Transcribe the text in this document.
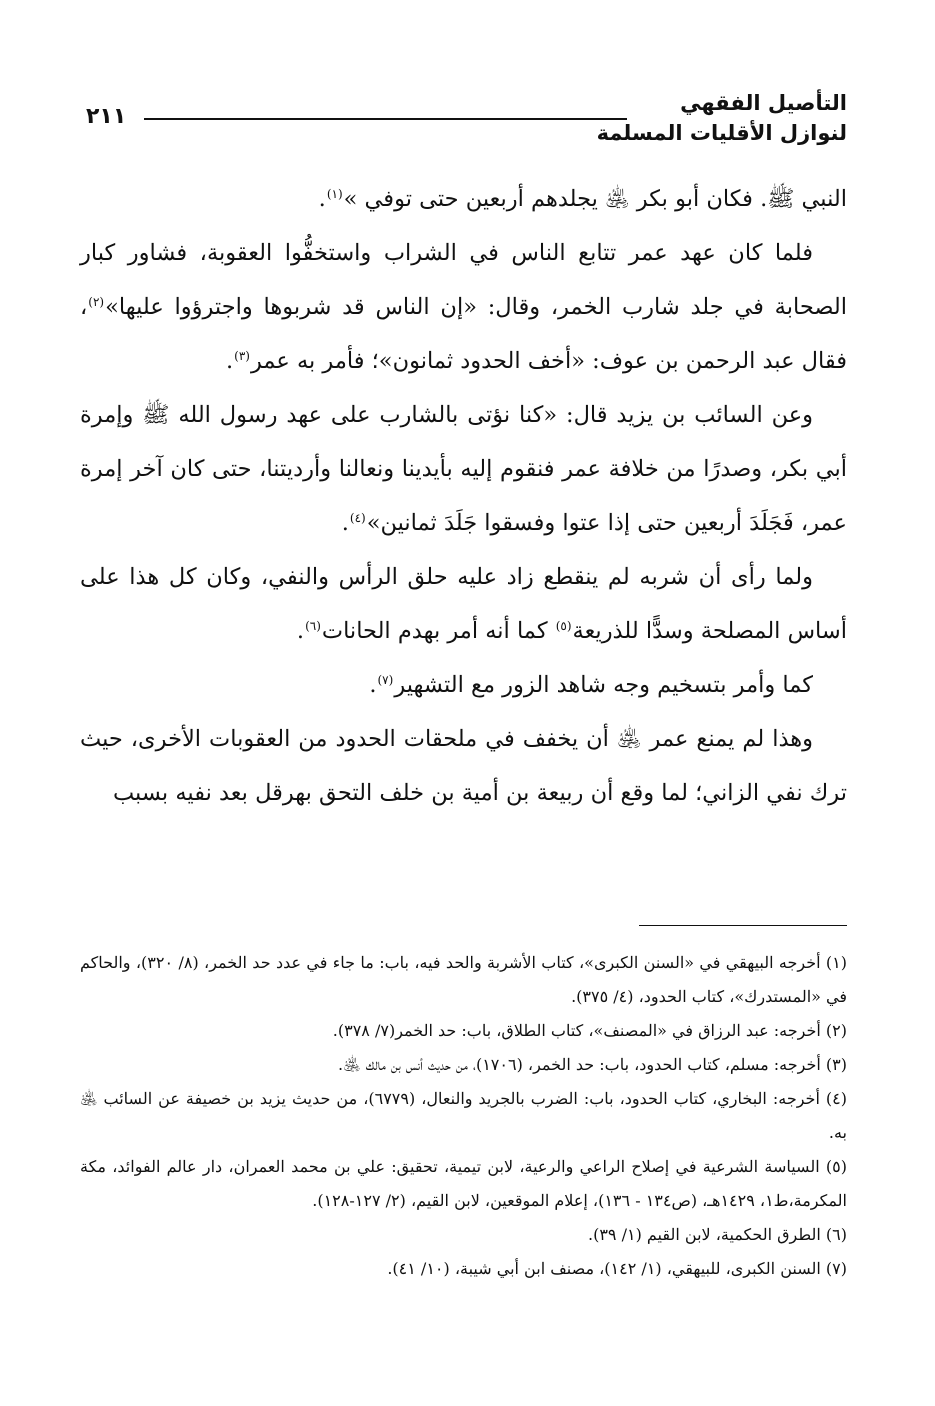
التأصيل الفقهي
لنوازل الأقليات المسلمة
٢١١

النبي ﷺ. فكان أبو بكر ﵁ يجلدهم أربعين حتى توفي »$^{(١)}$.

فلما كان عهد عمر تتابع الناس في الشراب واستخفُّوا العقوبة، فشاور كبار الصحابة في جلد شارب الخمر، وقال: «إن الناس قد شربوها واجترؤوا عليها»$^{(٢)}$، فقال عبد الرحمن بن عوف: «أخف الحدود ثمانون»؛ فأمر به عمر$^{(٣)}$.

وعن السائب بن يزيد قال: «كنا نؤتى بالشارب على عهد رسول الله ﷺ وإمرة أبي بكر، وصدرًا من خلافة عمر فنقوم إليه بأيدينا ونعالنا وأرديتنا، حتى كان آخر إمرة عمر، فَجَلَدَ أربعين حتى إذا عتوا وفسقوا جَلَدَ ثمانين»$^{(٤)}$.

ولما رأى أن شربه لم ينقطع زاد عليه حلق الرأس والنفي، وكان كل هذا على أساس المصلحة وسدًّا للذريعة$^{(٥)}$ كما أنه أمر بهدم الحانات$^{(٦)}$.

كما وأمر بتسخيم وجه شاهد الزور مع التشهير$^{(٧)}$.

وهذا لم يمنع عمر ﵁ أن يخفف في ملحقات الحدود من العقوبات الأخرى، حيث ترك نفي الزاني؛ لما وقع أن ربيعة بن أمية بن خلف التحق بهرقل بعد نفيه بسبب

(١) أخرجه البيهقي في «السنن الكبرى»، كتاب الأشربة والحد فيه، باب: ما جاء في عدد حد الخمر، (٨/ ٣٢٠)، والحاكم في «المستدرك»، كتاب الحدود، (٤/ ٣٧٥).

(٢) أخرجه: عبد الرزاق في «المصنف»، كتاب الطلاق، باب: حد الخمر(٧/ ٣٧٨).

(٣) أخرجه: مسلم، كتاب الحدود، باب: حد الخمر، (١٧٠٦)، من حديث أنس بن مالك ﵁.

(٤) أخرجه: البخاري، كتاب الحدود، باب: الضرب بالجريد والنعال، (٦٧٧٩)، من حديث يزيد بن خصيفة عن السائب ﵁ به.

(٥) السياسة الشرعية في إصلاح الراعي والرعية، لابن تيمية، تحقيق: علي بن محمد العمران، دار عالم الفوائد، مكة المكرمة،ط١، ١٤٢٩هـ، (ص١٣٤ - ١٣٦)، إعلام الموقعين، لابن القيم، (٢/ ١٢٧-١٢٨).

(٦) الطرق الحكمية، لابن القيم (١/ ٣٩).

(٧) السنن الكبرى، للبيهقي، (١/ ١٤٢)، مصنف ابن أبي شيبة، (١٠/ ٤١).
